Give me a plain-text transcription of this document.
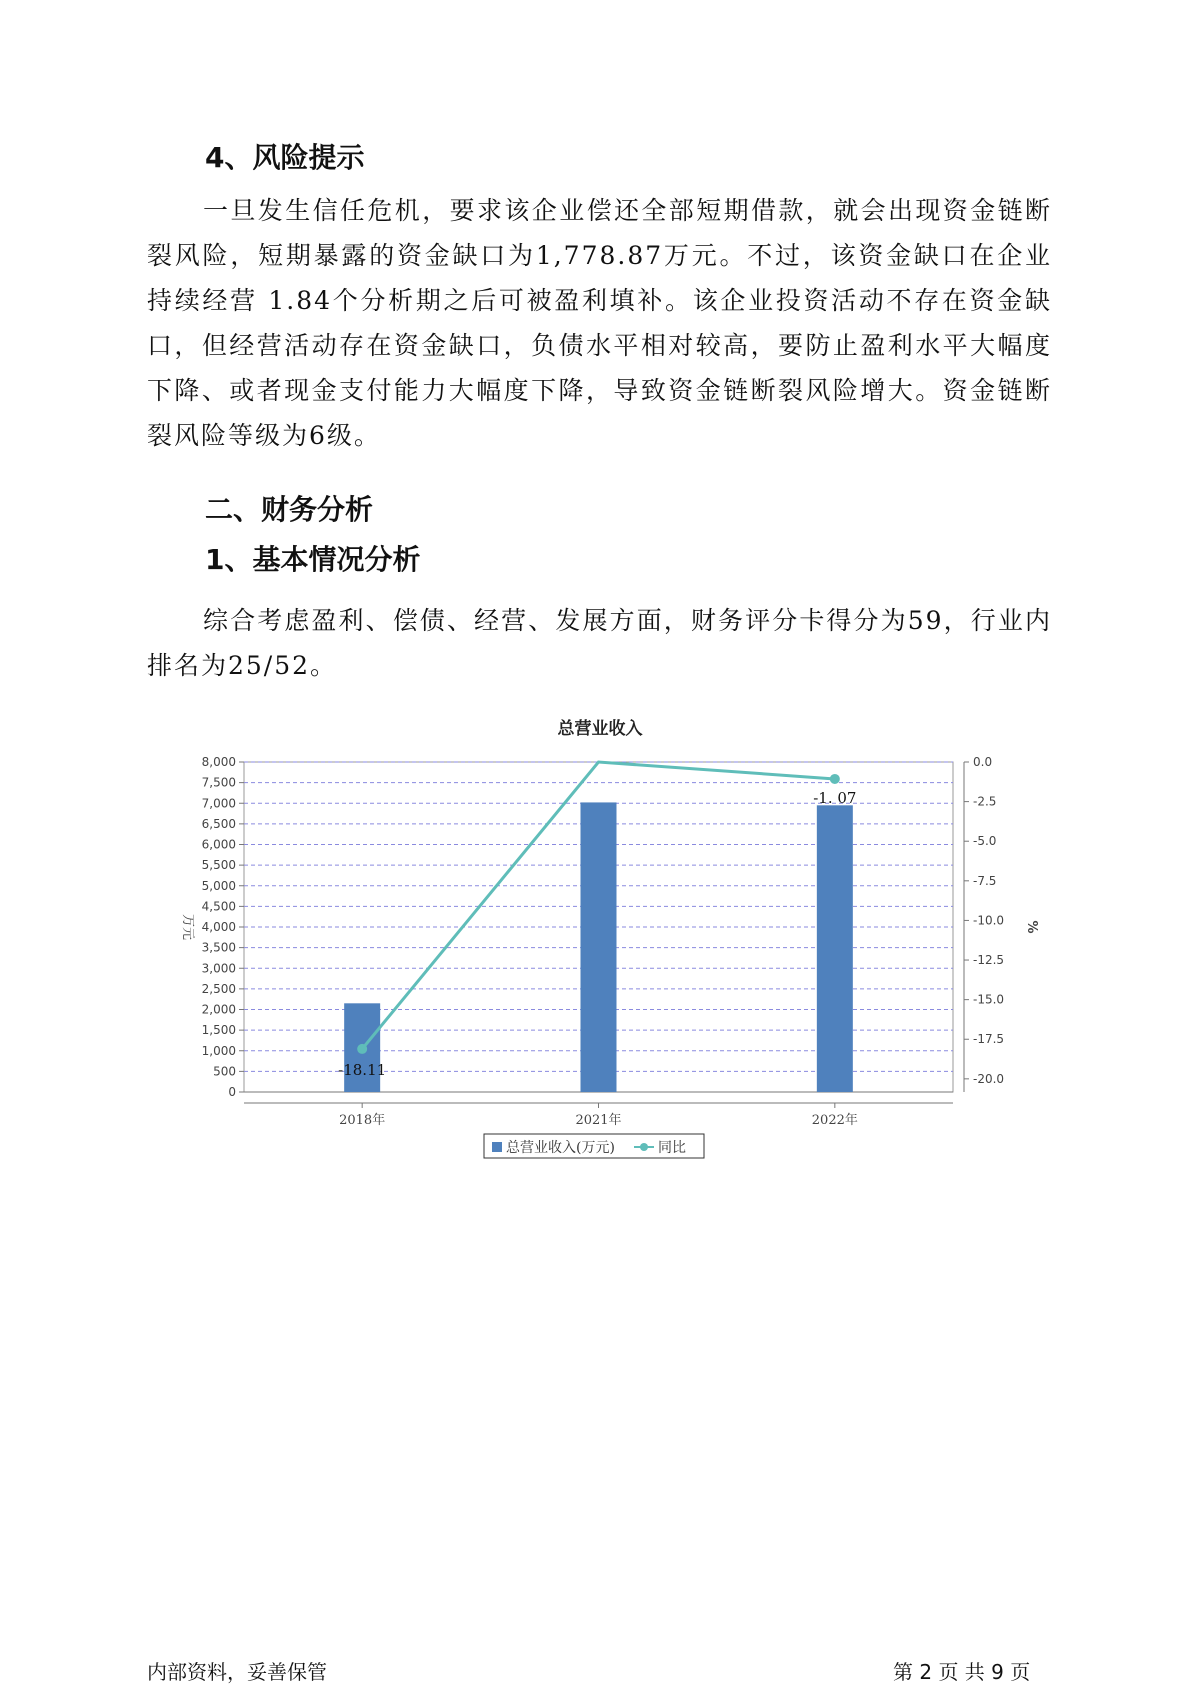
4、风险提示

一旦发生信任危机，要求该企业偿还全部短期借款，就会出现资金链断裂风险，短期暴露的资金缺口为1,778.87万元。不过，该资金缺口在企业持续经营 1.84个分析期之后可被盈利填补。该企业投资活动不存在资金缺口，但经营活动存在资金缺口，负债水平相对较高，要防止盈利水平大幅度下降、或者现金支付能力大幅度下降，导致资金链断裂风险增大。资金链断裂风险等级为6级。

二、财务分析
1、基本情况分析

综合考虑盈利、偿债、经营、发展方面，财务评分卡得分为59，行业内排名为25/52。

总营业收入
0
500
1,000
1,500
2,000
2,500
3,000
3,500
4,000
4,500
5,000
5,500
6,000
6,500
7,000
7,500
8,000	0.0
-2.5
-5.0
-7.5
-10.0
-12.5
-15.0
-17.5
-20.0
2018年	2021年	2022年
-18.11
-1. 07
万元	%
总营业收入(万元)	同比
内部资料，妥善保管	第 2 页 共 9 页
